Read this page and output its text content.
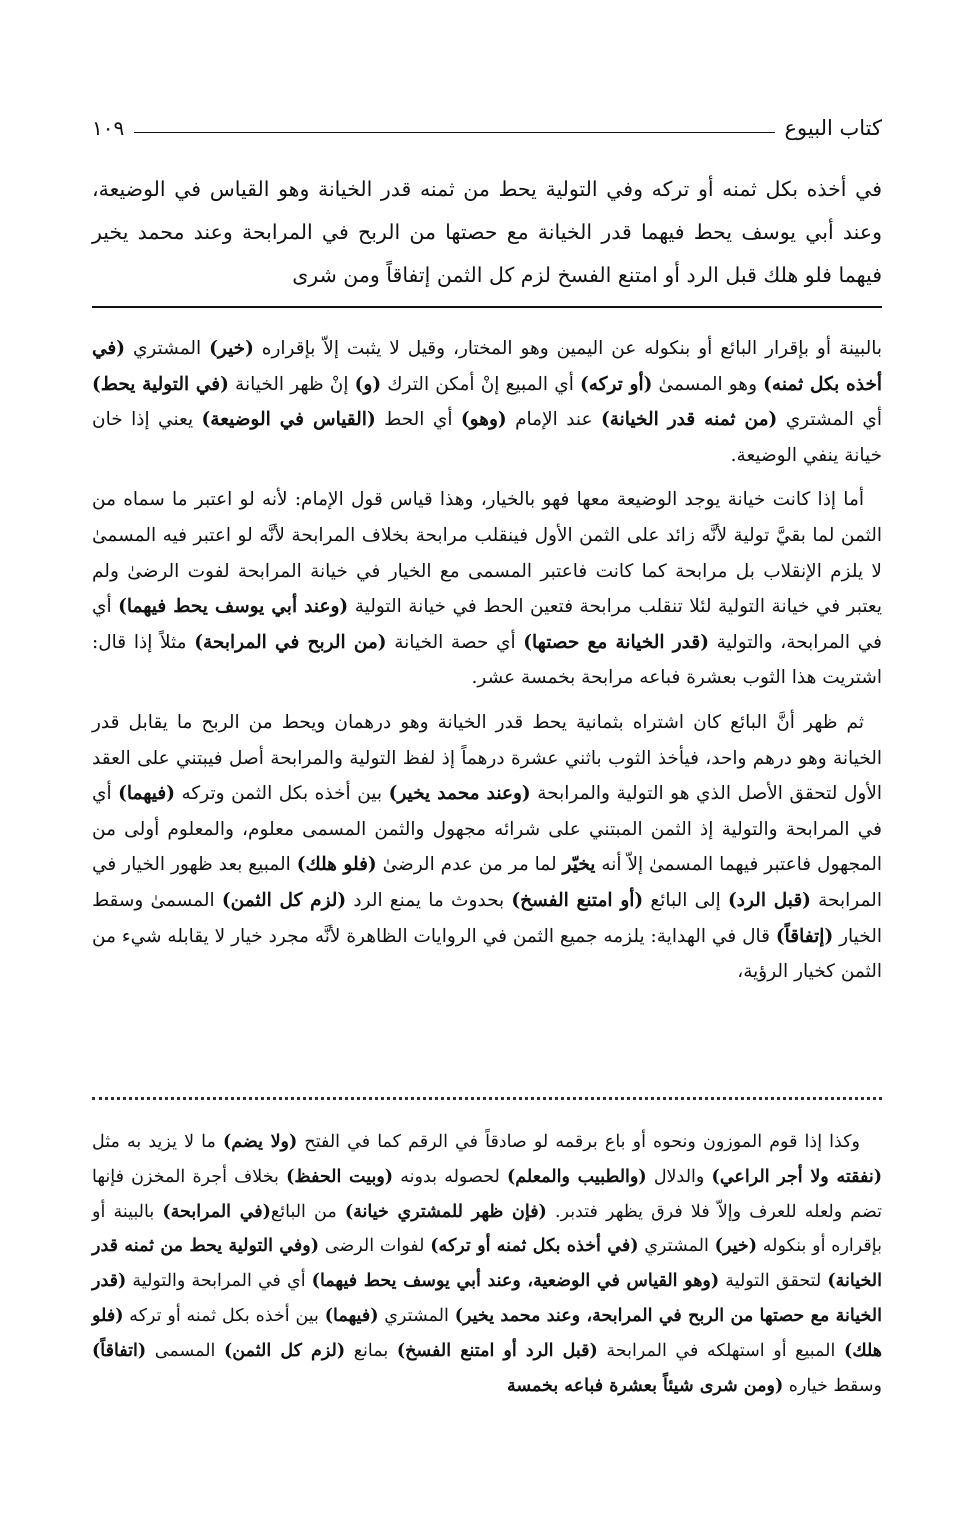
كتاب البيوع
١٠٩

في أخذه بكل ثمنه أو تركه وفي التولية يحط من ثمنه قدر الخيانة وهو القياس في الوضيعة، وعند أبي يوسف يحط فيهما قدر الخيانة مع حصتها من الربح في المرابحة وعند محمد يخير فيهما فلو هلك قبل الرد أو امتنع الفسخ لزم كل الثمن إتفاقاً ومن شرى

بالبينة أو بإقرار البائع أو بنكوله عن اليمين وهو المختار، وقيل لا يثبت إلاّ بإقراره (خير) المشتري (في أخذه بكل ثمنه) وهو المسمىٰ (أو تركه) أي المبيع إنْ أمكن الترك (و) إنْ ظهر الخيانة (في التولية يحط) أي المشتري (من ثمنه قدر الخيانة) عند الإمام (وهو) أي الحط (القياس في الوضيعة) يعني إذا خان خيانة ينفي الوضيعة.

أما إذا كانت خيانة يوجد الوضيعة معها فهو بالخيار، وهذا قياس قول الإمام: لأنه لو اعتبر ما سماه من الثمن لما بقيَّ تولية لأنَّه زائد على الثمن الأول فينقلب مرابحة بخلاف المرابحة لأنَّه لو اعتبر فيه المسمىٰ لا يلزم الإنقلاب بل مرابحة كما كانت فاعتبر المسمى مع الخيار في خيانة المرابحة لفوت الرضىٰ ولم يعتبر في خيانة التولية لئلا تنقلب مرابحة فتعين الحط في خيانة التولية (وعند أبي يوسف يحط فيهما) أي في المرابحة، والتولية (قدر الخيانة مع حصتها) أي حصة الخيانة (من الربح في المرابحة) مثلاً إذا قال: اشتريت هذا الثوب بعشرة فباعه مرابحة بخمسة عشر.

ثم ظهر أنَّ البائع كان اشتراه بثمانية يحط قدر الخيانة وهو درهمان ويحط من الربح ما يقابل قدر الخيانة وهو درهم واحد، فيأخذ الثوب باثني عشرة درهماً إذ لفظ التولية والمرابحة أصل فيبتني على العقد الأول لتحقق الأصل الذي هو التولية والمرابحة (وعند محمد يخير) بين أخذه بكل الثمن وتركه (فيهما) أي في المرابحة والتولية إذ الثمن المبتني على شرائه مجهول والثمن المسمى معلوم، والمعلوم أولى من المجهول فاعتبر فيهما المسمىٰ إلاّ أنه يخيّر لما مر من عدم الرضىٰ (فلو هلك) المبيع بعد ظهور الخيار في المرابحة (قبل الرد) إلى البائع (أو امتنع الفسخ) بحدوث ما يمنع الرد (لزم كل الثمن) المسمىٰ وسقط الخيار (إتفاقاً) قال في الهداية: يلزمه جميع الثمن في الروايات الظاهرة لأنَّه مجرد خيار لا يقابله شيء من الثمن كخيار الرؤية،

وكذا إذا قوم الموزون ونحوه أو باع برقمه لو صادقاً في الرقم كما في الفتح (ولا يضم) ما لا يزيد به مثل (نفقته ولا أجر الراعي) والدلال (والطبيب والمعلم) لحصوله بدونه (وبيت الحفظ) بخلاف أجرة المخزن فإنها تضم ولعله للعرف وإلاّ فلا فرق يظهر فتدبر. (فإن ظهر للمشتري خيانة) من البائع(في المرابحة) بالبينة أو بإقراره أو بنكوله (خير) المشتري (في أخذه بكل ثمنه أو تركه) لفوات الرضى (وفي التولية يحط من ثمنه قدر الخيانة) لتحقق التولية (وهو القياس في الوضعية، وعند أبي يوسف يحط فيهما) أي في المرابحة والتولية (قدر الخيانة مع حصتها من الربح في المرابحة، وعند محمد يخير) المشتري (فيهما) بين أخذه بكل ثمنه أو تركه (فلو هلك) المبيع أو استهلكه في المرابحة (قبل الرد أو امتنع الفسخ) بمانع (لزم كل الثمن) المسمى (اتفاقاً) وسقط خياره (ومن شرى شيئاً بعشرة فباعه بخمسة
